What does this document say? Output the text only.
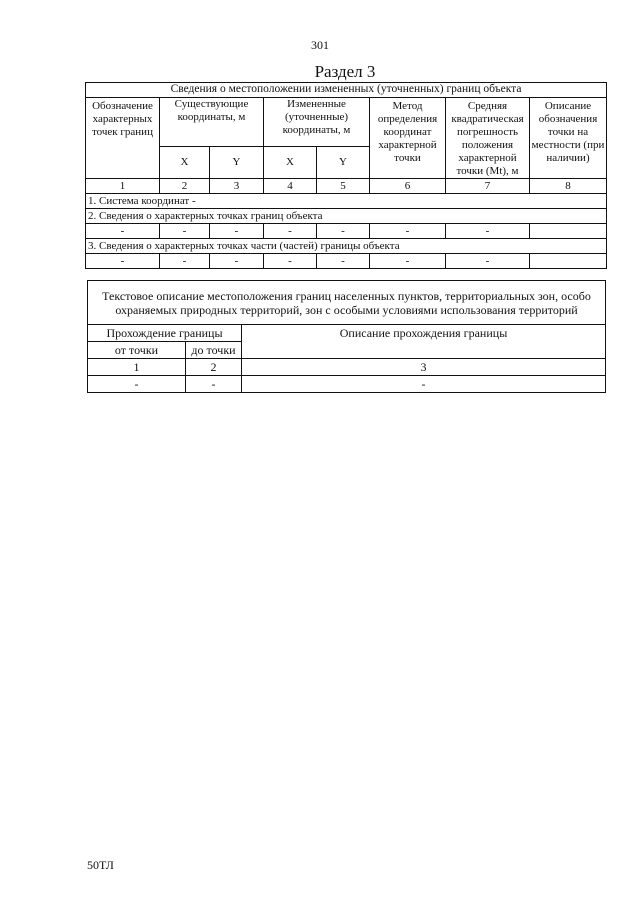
301
Раздел 3
Сведения о местоположении измененных (уточненных) границ объекта							
Обозначение характерных точек границ	Существующие координаты, м		Измененные (уточненные) координаты, м		Метод определения координат характерной точки	Средняя квадратическая погрешность положения характерной точки (Mt), м	Описание обозначения точки на местности (при наличии)
	X	Y	X	Y			
1	2	3	4	5	6	7	8
1. Система координат -							
2. Сведения о характерных точках границ объекта							
-	-	-	-	-	-	-	
3. Сведения о характерных точках части (частей) границы объекта							
-	-	-	-	-	-	-	
Текстовое описание местоположения границ населенных пунктов, территориальных зон, особо охраняемых природных территорий, зон с особыми условиями использования территорий		
Прохождение границы		Описание прохождения границы
от точки	до точки	
1	2	3
-	-	-
50ТЛ
